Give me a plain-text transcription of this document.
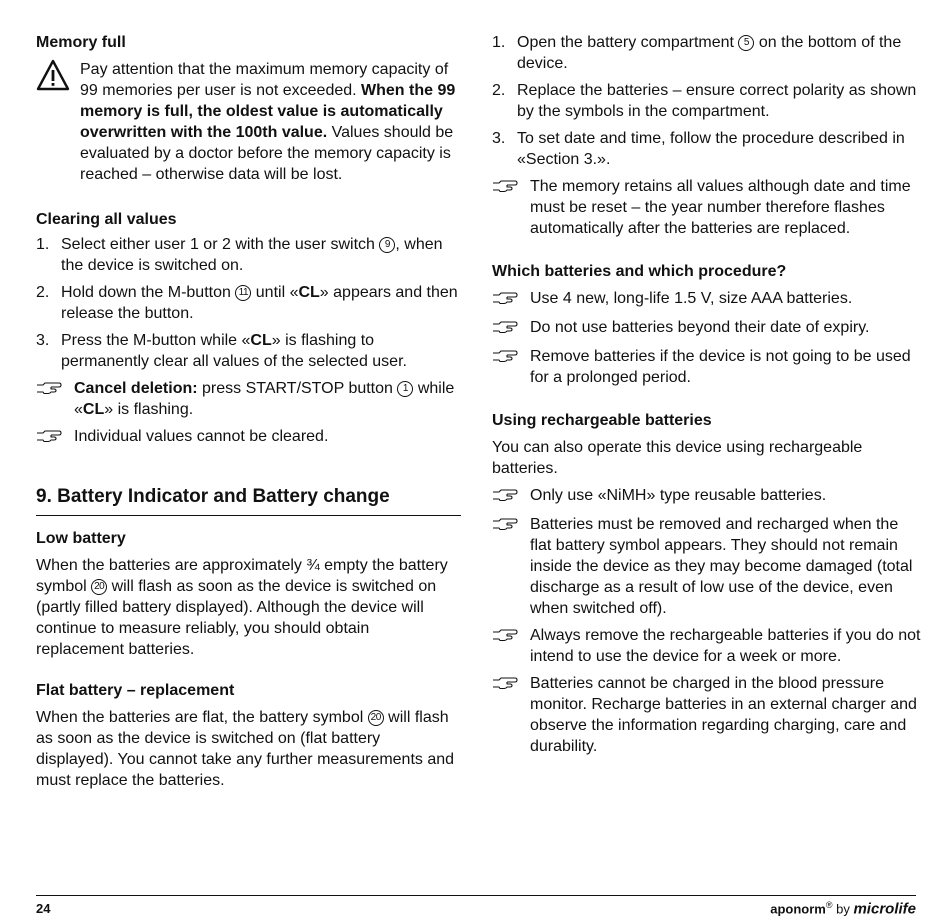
Memory full
Pay attention that the maximum memory capacity of 99 memories per user is not exceeded. When the 99 memory is full, the oldest value is automatically overwritten with the 100th value. Values should be evaluated by a doctor before the memory capacity is reached – otherwise data will be lost.
Clearing all values
1. Select either user 1 or 2 with the user switch 9 , when the device is switched on.
2. Hold down the M-button 11 until «CL» appears and then release the button.
3. Press the M-button while «CL» is flashing to permanently clear all values of the selected user.
Cancel deletion: press START/STOP button 1 while «CL» is flashing.
Individual values cannot be cleared.
9. Battery Indicator and Battery change
Low battery

When the batteries are approximately ¾ empty the battery symbol 20 will flash as soon as the device is switched on (partly filled battery displayed). Although the device will continue to measure reliably, you should obtain replacement batteries.

Flat battery – replacement

When the batteries are flat, the battery symbol 20 will flash as soon as the device is switched on (flat battery displayed). You cannot take any further measurements and must replace the batteries.

1. Open the battery compartment 5 on the bottom of the device.
2. Replace the batteries – ensure correct polarity as shown by the symbols in the compartment.
3. To set date and time, follow the procedure described in «Section 3.».
The memory retains all values although date and time must be reset – the year number therefore flashes automatically after the batteries are replaced.
Which batteries and which procedure?
Use 4 new, long-life 1.5 V, size AAA batteries.
Do not use batteries beyond their date of expiry.
Remove batteries if the device is not going to be used for a prolonged period.
Using rechargeable batteries

You can also operate this device using rechargeable batteries.

Only use «NiMH» type reusable batteries.
Batteries must be removed and recharged when the flat battery symbol appears. They should not remain inside the device as they may become damaged (total discharge as a result of low use of the device, even when switched off).
Always remove the rechargeable batteries if you do not intend to use the device for a week or more.
Batteries cannot be charged in the blood pressure monitor. Recharge batteries in an external charger and observe the information regarding charging, care and durability.
24	aponorm® by microlife
